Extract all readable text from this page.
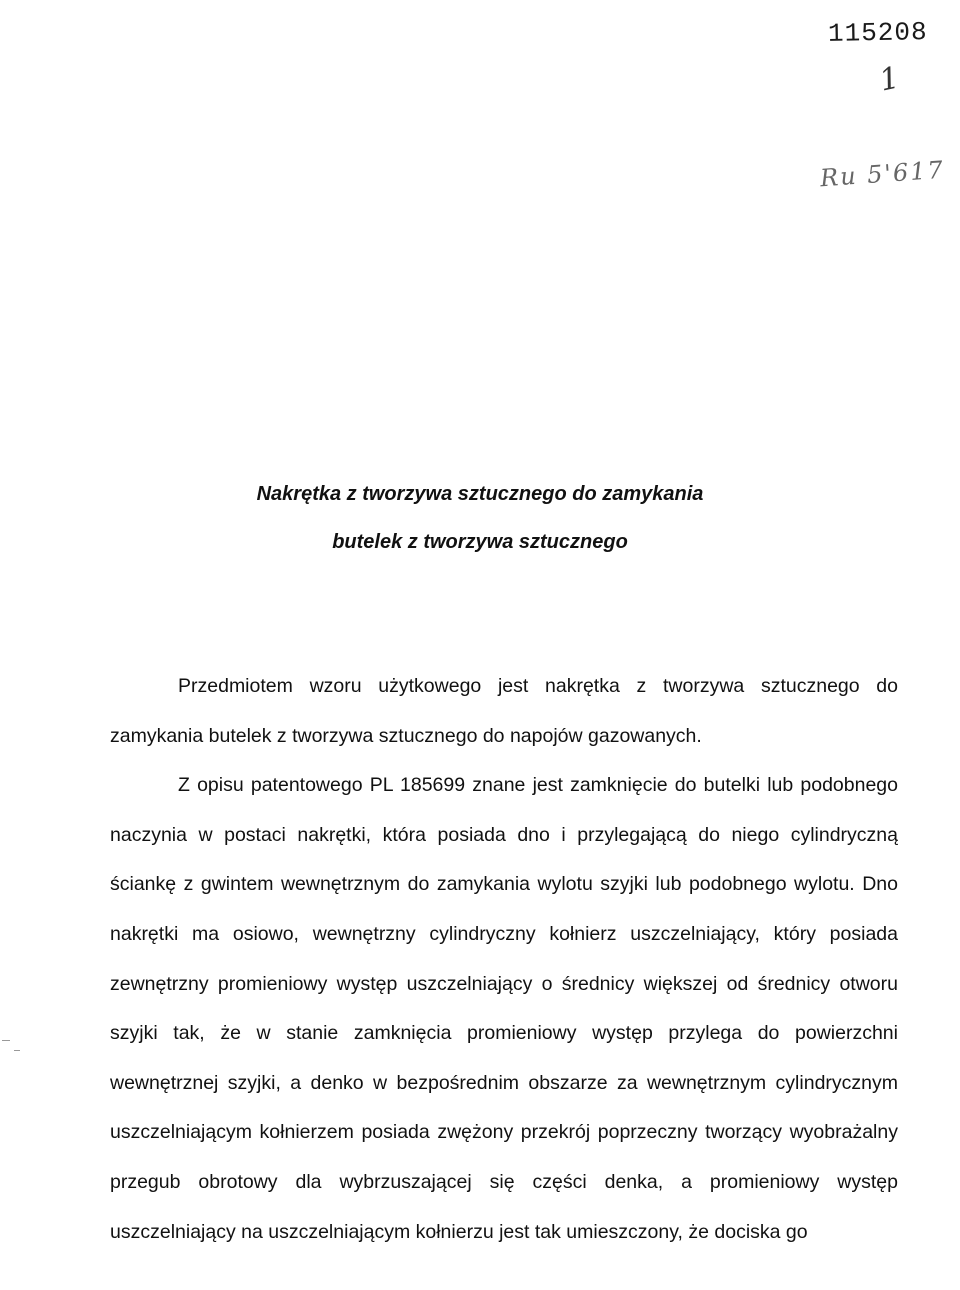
115208
1
Ru 5'617

Nakrętka z tworzywa sztucznego do zamykania

butelek z tworzywa sztucznego

Przedmiotem wzoru użytkowego jest nakrętka z tworzywa sztucznego do zamykania butelek z tworzywa sztucznego do napojów gazowanych.

Z opisu patentowego PL 185699 znane jest zamknięcie do butelki lub podobnego naczynia w postaci nakrętki, która posiada dno i przylegającą do niego cylindryczną ściankę z gwintem wewnętrznym do zamykania wylotu szyjki lub podobnego wylotu. Dno nakrętki ma osiowo, wewnętrzny cylindryczny kołnierz uszczelniający, który posiada zewnętrzny promieniowy występ uszczelniający o średnicy większej od średnicy otworu szyjki tak, że w stanie zamknięcia promieniowy występ przylega do powierzchni wewnętrznej szyjki, a denko w bezpośrednim obszarze za wewnętrznym cylindrycznym uszczelniającym kołnierzem posiada zwężony przekrój poprzeczny tworzący wyobrażalny przegub obrotowy dla wybrzuszającej się części denka, a promieniowy występ uszczelniający na uszczelniającym kołnierzu jest tak umieszczony, że dociska go
